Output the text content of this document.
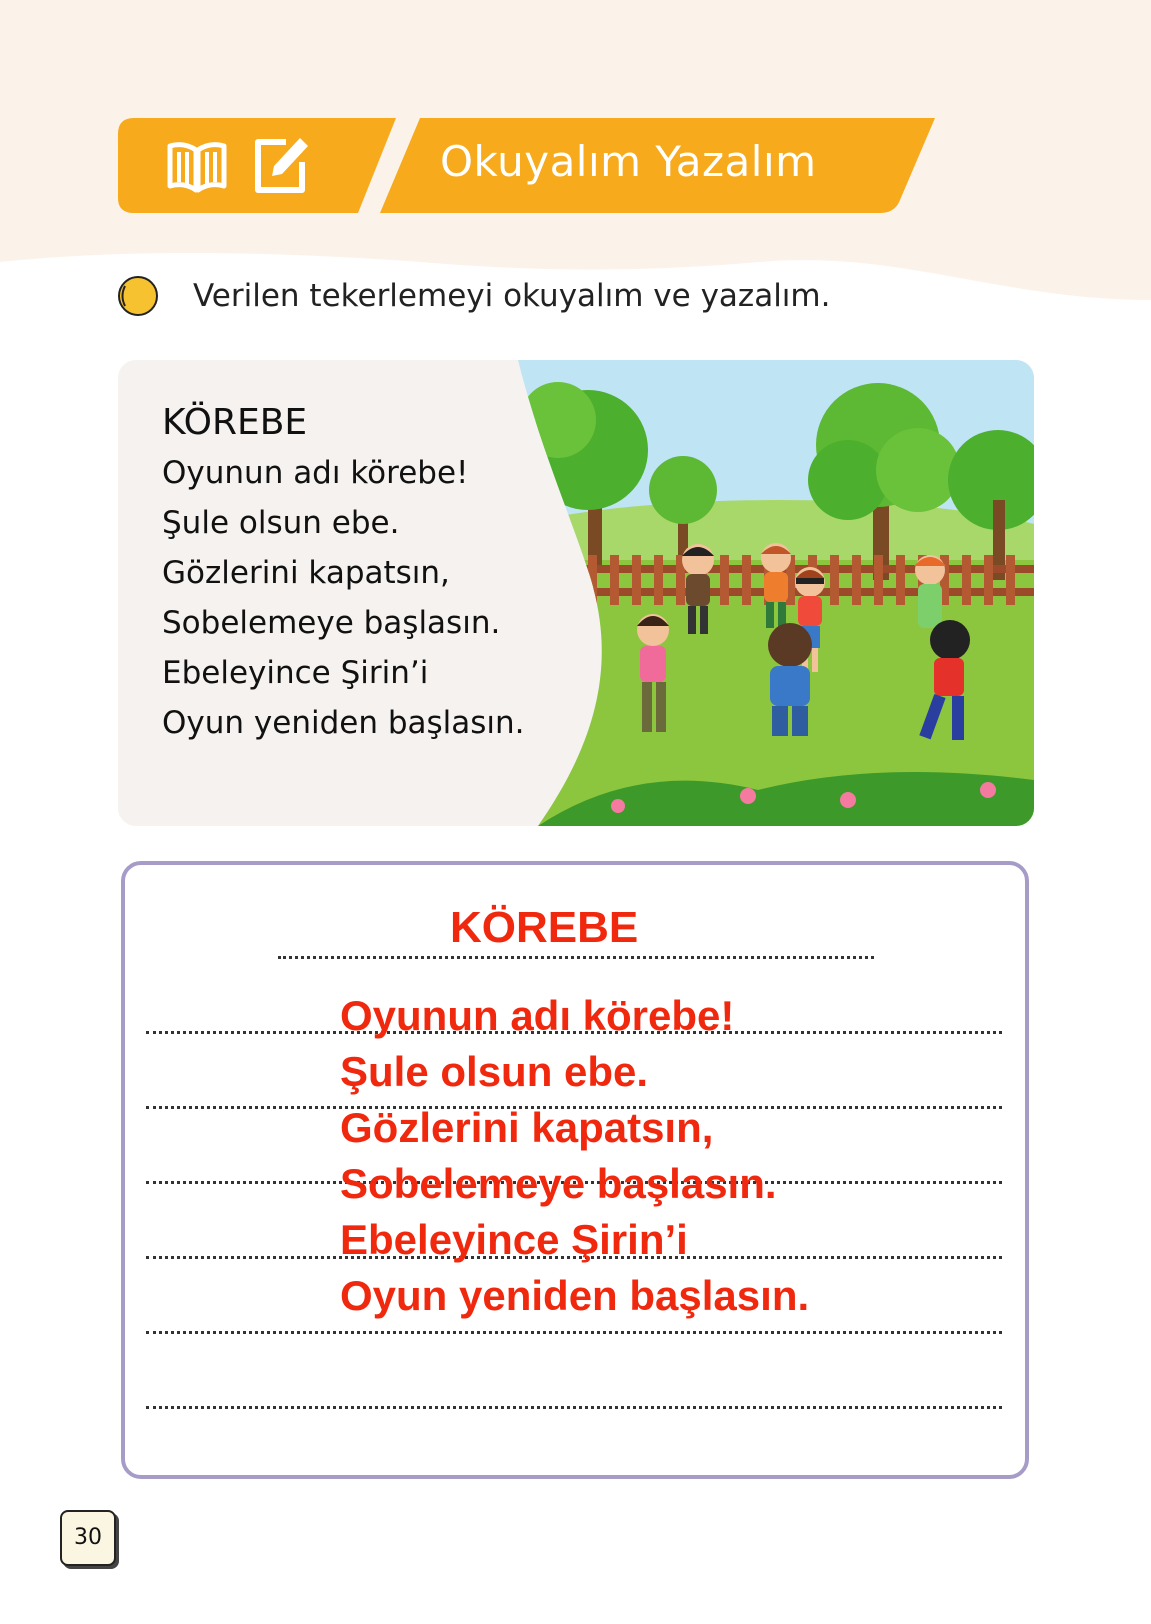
Okuyalım Yazalım
Verilen tekerlemeyi okuyalım ve yazalım.
KÖREBE
Oyunun adı körebe!
Şule olsun ebe.
Gözlerini kapatsın,
Sobelemeye başlasın.
Ebeleyince Şirin’i
Oyun yeniden başlasın.
KÖREBE
Oyunun adı körebe!
Şule olsun ebe.
Gözlerini kapatsın,
Sobelemeye başlasın.
Ebeleyince Şirin’i
Oyun yeniden başlasın.
30
